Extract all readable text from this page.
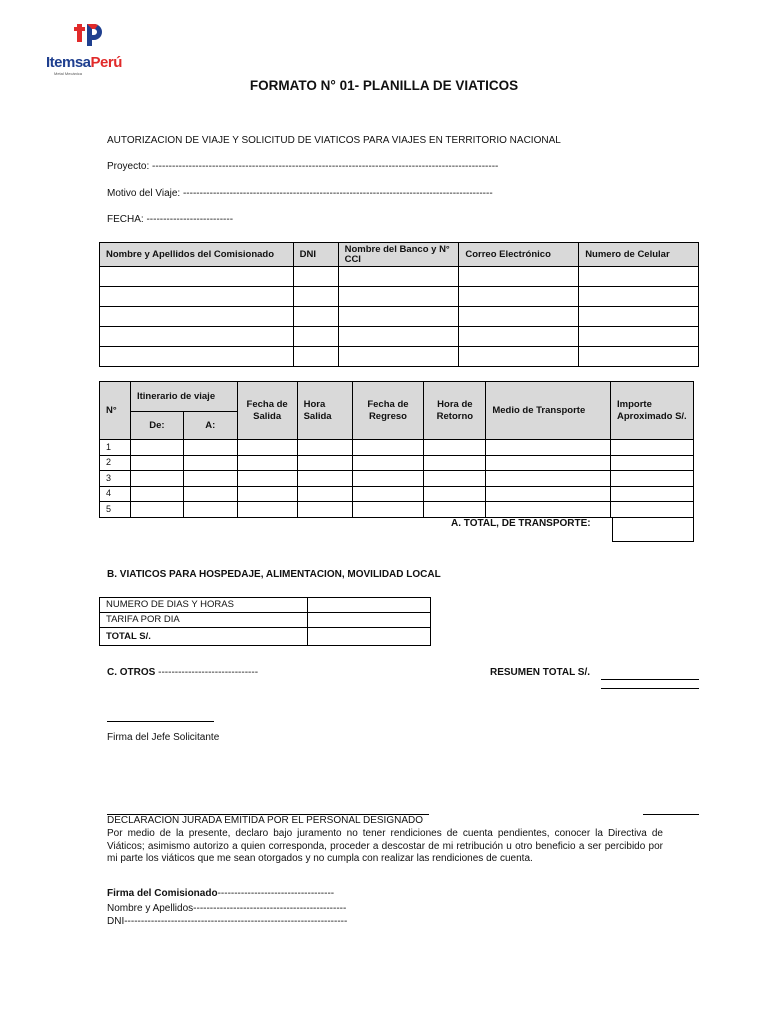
ItemsaPerú
Metal Mecánica
FORMATO N° 01- PLANILLA DE VIATICOS
AUTORIZACION DE VIAJE Y SOLICITUD DE VIATICOS PARA VIAJES EN TERRITORIO NACIONAL
Proyecto: --------------------------------------------------------------------------------------------------------
Motivo del Viaje: ---------------------------------------------------------------------------------------------
FECHA: --------------------------
Nombre y Apellidos del Comisionado	DNI	Nombre del Banco y N° CCI	Correo Electrónico	Numero de Celular

N°	Itinerario de viaje		Fecha de Salida	Hora Salida	Fecha de Regreso	Hora de Retorno	Medio de Transporte	Importe Aproximado S/.
	De:	A:						
1								
2								
3								
4								
5								
A. TOTAL, DE TRANSPORTE:
B. VIATICOS PARA HOSPEDAJE, ALIMENTACION, MOVILIDAD LOCAL
NUMERO DE DIAS Y HORAS	
TARIFA POR DIA	
TOTAL S/.	
C. OTROS ------------------------------	RESUMEN TOTAL S/.
Firma del Jefe Solicitante
DECLARACION JURADA EMITIDA POR EL PERSONAL DESIGNADO
Por medio de la presente, declaro bajo juramento no tener rendiciones de cuenta pendientes, conocer la Directiva de Viáticos; asimismo autorizo a quien corresponda, proceder a descostar de mi retribución u otro beneficio a ser percibido por mi parte los viáticos que me sean otorgados y no cumpla con realizar las rendiciones de cuenta.
Firma del Comisionado-----------------------------------
Nombre y Apellidos----------------------------------------------
DNI-------------------------------------------------------------------
